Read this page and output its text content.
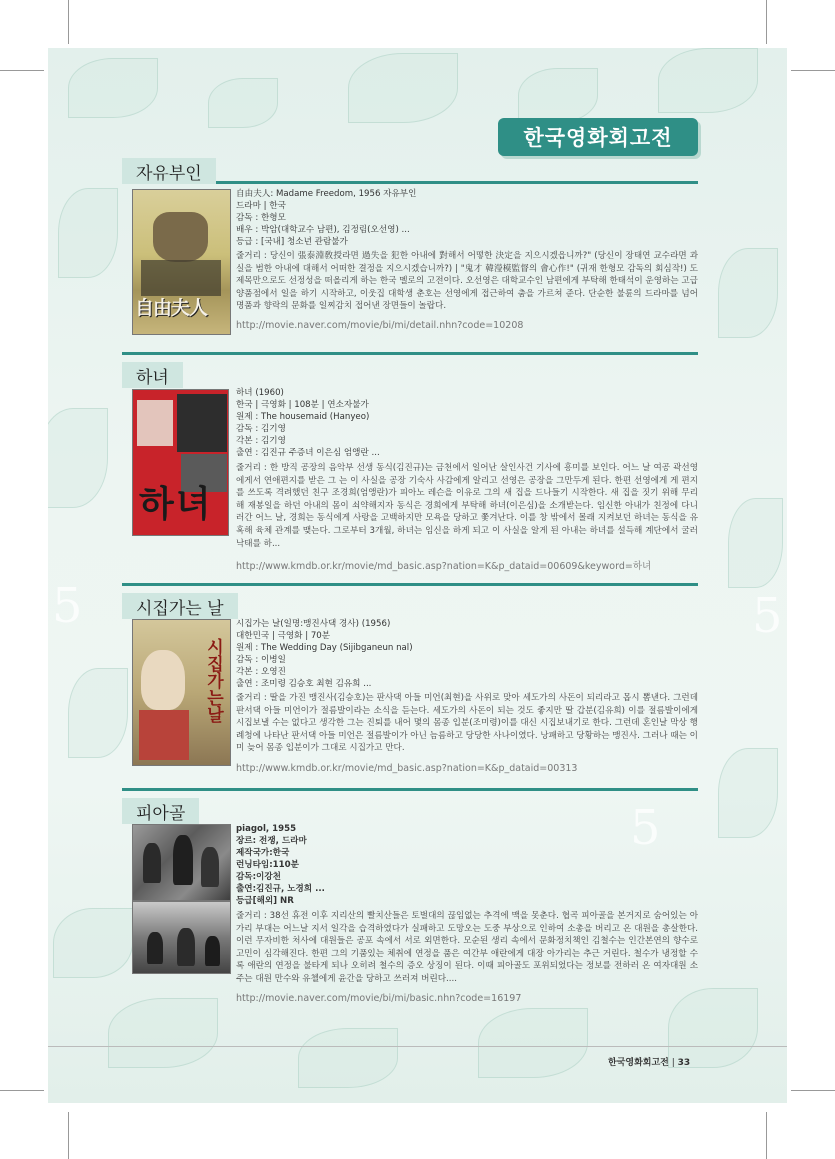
5	5
5
한국영화회고전
자유부인
自由夫人
自由夫人: Madame Freedom, 1956 자유부인
드라마 | 한국
감독 : 한형모
배우 : 박암(대학교수 남편), 김정림(오선영) ...
등급 : [국내] 청소년 관람불가
줄거리 : 당신이 張泰淵敎授라면 過失을 犯한 아내에 對해서 어떻한 決定을 지으시겠읍니까?" (당신이 장태연 교수라면 과실을 범한 아내에 대해서 어떠한 결정을 지으시겠습니까?) | "鬼才 韓瀅模監督의 會心作!" (귀재 한형모 감독의 회심작!) 도 제목만으로도 선정성을 떠올리게 하는 한국 멜로의 고전이다. 오선영은 대학교수인 남편에게 부탁해 한태석이 운영하는 고급 양품점에서 일을 하기 시작하고, 이웃집 대학생 춘호는 선영에게 접근하여 춤을 가르쳐 준다. 단순한 불륜의 드라마를 넘어 명품과 향락의 문화를 일찌감치 접어낸 장면들이 놀랍다.
http://movie.naver.com/movie/bi/mi/detail.nhn?code=10208
하녀
하녀
하녀 (1960)
한국 | 극영화 | 108분 | 연소자불가
원제 : The housemaid (Hanyeo)
감독 : 김기영
각본 : 김기영
출연 : 김진규 주증녀 이은심 엄앵란 ...
줄거리 : 한 방직 공장의 음악부 선생 동식(김진규)는 금천에서 일어난 살인사건 기사에 흥미를 보인다. 어느 날 여공 곽선영에게서 연애편지를 받은 그 는 이 사실을 공장 기숙사 사감에게 알리고 선영은 공장을 그만두게 된다. 한편 선영에게 게 편지를 쓰도록 격려했던 친구 조경희(엄앵란)가 피아노 레슨을 이유로 그의 새 집을 드나들기 시작한다. 새 집을 짓기 위해 무리해 재봉일을 하던 아내의 몸이 쇠약해지자 동식은 경희에게 부탁해 하녀(이은심)을 소개받는다. 임신한 아내가 친정에 다니러간 어느 날, 경희는 동식에게 사랑을 고백하지만 모욕을 당하고 쫓겨난다. 이를 창 밖에서 몰래 지켜보던 하녀는 동식을 유혹해 육체 관계를 맺는다. 그로부터 3개월, 하녀는 임신을 하게 되고 이 사실을 알게 된 아내는 하녀를 설득해 계단에서 굴러 낙태를 하...
http://www.kmdb.or.kr/movie/md_basic.asp?nation=K&p_dataid=00609&keyword=하녀
시집가는 날
시집가는날
시집가는 날(일명:맹진사댁 경사) (1956)
대한민국 | 극영화 | 70분
원제 : The Wedding Day (Sijibganeun nal)
감독 : 이병일
각본 : 오영진
출연 : 조미령 김승호 최현 김유희 ...
줄거리 : 딸을 가진 맹진사(김승호)는 판사댁 아들 미언(최현)을 사위로 맞아 세도가의 사돈이 되리라고 몹시 뽐낸다. 그런데 판서댁 아들 미언이가 절름발이라는 소식을 듣는다. 세도가의 사돈이 되는 것도 좋지만 딸 갑분(김유희) 이를 절름발이에게 시집보낼 수는 없다고 생각한 그는 진퇴를 내어 몇의 몸종 입분(조미령)이를 대신 시집보내기로 한다. 그런데 혼인날 막상 행례청에 나타난 판서댁 아들 미언은 절름발이가 아닌 늠름하고 당당한 사나이였다. 낭패하고 당황하는 맹진사. 그러나 때는 이미 늦어 몸종 입분이가 그대로 시집가고 만다.
http://www.kmdb.or.kr/movie/md_basic.asp?nation=K&p_dataid=00313
피아골
piagol, 1955
장르: 전쟁, 드라마
제작국가:한국
런닝타임:110분
감독:이강천
출연:김진규, 노경희 ...
등급[해외] NR
줄거리 : 38선 휴전 이후 지리산의 빨치산들은 토벌대의 끊임없는 추격에 맥을 못춘다. 협곡 피아골을 본거지로 숨어있는 아가리 부대는 어느날 지서 일각을 습격하였다가 실패하고 도망오는 도중 부상으로 인하여 소총을 버리고 온 대원을 총살한다. 이런 무자비한 처사에 대원들은 공포 속에서 서로 외면한다. 모순된 생리 속에서 문화정치책인 김철수는 인간본연의 향수로 고민이 심각해진다. 한편 그의 기품있는 체취에 연정을 품은 여간부 애란에게 대장 아가리는 추근 거린다. 철수가 냉정할 수록 애란의 연정을 불타게 되나 오히려 철수의 증오 상징이 된다. 이때 피아골도 포위되었다는 정보를 전하러 온 여자대원 소주는 대원 만수와 유첼에게 윤간을 당하고 쓰러져 버린다....
http://movie.naver.com/movie/bi/mi/basic.nhn?code=16197
한국영화회고전 | 33
